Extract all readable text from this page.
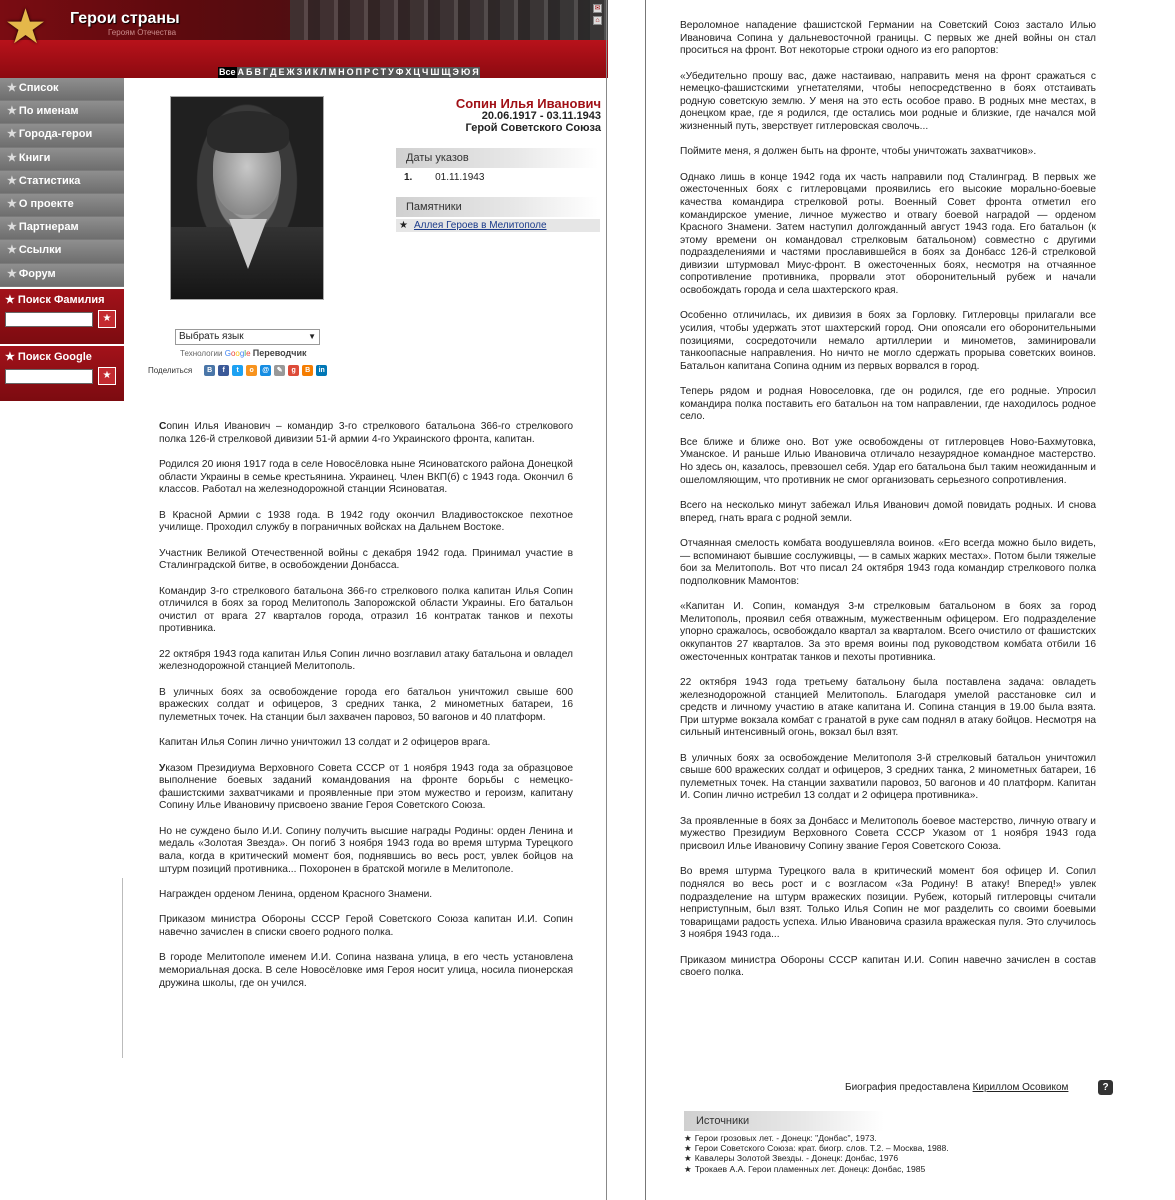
★	Герои страны
Героям Отечества
✉
⌂
Все А Б В Г Д Е Ж З И К Л М Н О П Р С Т У Ф Х Ц Ч Ш Щ Э Ю Я
★ Список
★ По именам
★ Города-герои
★ Книги
★ Статистика
★ О проекте
★ Партнерам
★ Ссылки
★ Форум
★ Поиск Фамилия
★
★ Поиск Google
★
Сопин Илья Иванович
20.06.1917 - 03.11.1943
Герой Советского Союза
Даты указов
1. 01.11.1943
Памятники
★ Аллея Героев в Мелитополе
Выбрать язык	▼
Технологии Google Переводчик
Поделиться	B	f	t	o	@	✎	g	B	in

Сопин Илья Иванович – командир 3-го стрелкового батальона 366-го стрелкового полка 126-й стрелковой дивизии 51-й армии 4-го Украинского фронта, капитан.

Родился 20 июня 1917 года в селе Новосёловка ныне Ясиноватского района Донецкой области Украины в семье крестьянина. Украинец. Член ВКП(б) с 1943 года. Окончил 6 классов. Работал на железнодорожной станции Ясиноватая.

В Красной Армии с 1938 года. В 1942 году окончил Владивостокское пехотное училище. Проходил службу в пограничных войсках на Дальнем Востоке.

Участник Великой Отечественной войны с декабря 1942 года. Принимал участие в Сталинградской битве, в освобождении Донбасса.

Командир 3-го стрелкового батальона 366-го стрелкового полка капитан Илья Сопин отличился в боях за город Мелитополь Запорожской области Украины. Его батальон очистил от врага 27 кварталов города, отразил 16 контратак танков и пехоты противника.

22 октября 1943 года капитан Илья Сопин лично возглавил атаку батальона и овладел железнодорожной станцией Мелитополь.

В уличных боях за освобождение города его батальон уничтожил свыше 600 вражеских солдат и офицеров, 3 средних танка, 2 минометных батареи, 16 пулеметных точек. На станции был захвачен паровоз, 50 вагонов и 40 платформ.

Капитан Илья Сопин лично уничтожил 13 солдат и 2 офицеров врага.

Указом Президиума Верховного Совета СССР от 1 ноября 1943 года за образцовое выполнение боевых заданий командования на фронте борьбы с немецко-фашистскими захватчиками и проявленные при этом мужество и героизм, капитану Сопину Илье Ивановичу присвоено звание Героя Советского Союза.

Но не суждено было И.И. Сопину получить высшие награды Родины: орден Ленина и медаль «Золотая Звезда». Он погиб 3 ноября 1943 года во время штурма Турецкого вала, когда в критический момент боя, поднявшись во весь рост, увлек бойцов на штурм позиций противника... Похоронен в братской могиле в Мелитополе.

Награжден орденом Ленина, орденом Красного Знамени.

Приказом министра Обороны СССР Герой Советского Союза капитан И.И. Сопин навечно зачислен в списки своего родного полка.

В городе Мелитополе именем И.И. Сопина названа улица, в его честь установлена мемориальная доска. В селе Новосёловке имя Героя носит улица, носила пионерская дружина школы, где он учился.

Вероломное нападение фашистской Германии на Советский Союз застало Илью Ивановича Сопина у дальневосточной границы. С первых же дней войны он стал проситься на фронт. Вот некоторые строки одного из его рапортов:

«Убедительно прошу вас, даже настаиваю, направить меня на фронт сражаться с немецко-фашистскими угнетателями, чтобы непосредственно в боях отстаивать родную советскую землю. У меня на это есть особое право. В родных мне местах, в донецком крае, где я родился, где остались мои родные и близкие, где начался мой жизненный путь, зверствует гитлеровская сволочь...

Поймите меня, я должен быть на фронте, чтобы уничтожать захватчиков».

Однако лишь в конце 1942 года их часть направили под Сталинград. В первых же ожесточенных боях с гитлеровцами проявились его высокие морально-боевые качества командира стрелковой роты. Военный Совет фронта отметил его командирское умение, личное мужество и отвагу боевой наградой — орденом Красного Знамени. Затем наступил долгожданный август 1943 года. Его батальон (к этому времени он командовал стрелковым батальоном) совместно с другими подразделениями и частями прославившейся в боях за Донбасс 126-й стрелковой дивизии штурмовал Миус-фронт. В ожесточенных боях, несмотря на отчаянное сопротивление противника, прорвали этот оборонительный рубеж и начали освобождать города и села шахтерского края.

Особенно отличилась, их дивизия в боях за Горловку. Гитлеровцы прилагали все усилия, чтобы удержать этот шахтерский город. Они опоясали его оборонительными позициями, сосредоточили немало артиллерии и минометов, заминировали танкоопасные направления. Но ничто не могло сдержать прорыва советских воинов. Батальон капитана Сопина одним из первых ворвался в город.

Теперь рядом и родная Новоселовка, где он родился, где его родные. Упросил командира полка поставить его батальон на том направлении, где находилось родное село.

Все ближе и ближе оно. Вот уже освобождены от гитлеровцев Ново-Бахмутовка, Уманское. И раньше Илью Ивановича отличало незаурядное командное мастерство. Но здесь он, казалось, превзошел себя. Удар его батальона был таким неожиданным и ошеломляющим, что противник не смог организовать серьезного сопротивления.

Всего на несколько минут забежал Илья Иванович домой повидать родных. И снова вперед, гнать врага с родной земли.

Отчаянная смелость комбата воодушевляла воинов. «Его всегда можно было видеть, — вспоминают бывшие сослуживцы, — в самых жарких местах». Потом были тяжелые бои за Мелитополь. Вот что писал 24 октября 1943 года командир стрелкового полка подполковник Мамонтов:

«Капитан И. Сопин, командуя 3-м стрелковым батальоном в боях за город Мелитополь, проявил себя отважным, мужественным офицером. Его подразделение упорно сражалось, освобождало квартал за кварталом. Всего очистило от фашистских оккупантов 27 кварталов. За это время воины под руководством комбата отбили 16 ожесточенных контратак танков и пехоты противника.

22 октября 1943 года третьему батальону была поставлена задача: овладеть железнодорожной станцией Мелитополь. Благодаря умелой расстановке сил и средств и личному участию в атаке капитана И. Сопина станция в 19.00 была взята. При штурме вокзала комбат с гранатой в руке сам поднял в атаку бойцов. Несмотря на сильный интенсивный огонь, вокзал был взят.

В уличных боях за освобождение Мелитополя 3-й стрелковый батальон уничтожил свыше 600 вражеских солдат и офицеров, 3 средних танка, 2 минометных батареи, 16 пулеметных точек. На станции захватили паровоз, 50 вагонов и 40 платформ. Капитан И. Сопин лично истребил 13 солдат и 2 офицера противника».

За проявленные в боях за Донбасс и Мелитополь боевое мастерство, личную отвагу и мужество Президиум Верховного Совета СССР Указом от 1 ноября 1943 года присвоил Илье Ивановичу Сопину звание Героя Советского Союза.

Во время штурма Турецкого вала в критический момент боя офицер И. Сопил поднялся во весь рост и с возгласом «За Родину! В атаку! Вперед!» увлек подразделение на штурм вражеских позиции. Рубеж, который гитлеровцы считали неприступным, был взят. Только Илья Сопин не мог разделить со своими боевыми товарищами радость успеха. Илью Ивановича сразила вражеская пуля. Это случилось 3 ноября 1943 года...

Приказом министра Обороны СССР капитан И.И. Сопин навечно зачислен в состав своего полка.

Биография предоставлена Кириллом Осовиком	?
Источники
★ Герои грозовых лет. - Донецк: "Донбас", 1973.
★ Герои Советского Союза: крат. биогр. слов. Т.2. – Москва, 1988.
★ Кавалеры Золотой Звезды. - Донецк: Донбас, 1976
★ Трокаев А.А. Герои пламенных лет. Донецк: Донбас, 1985
